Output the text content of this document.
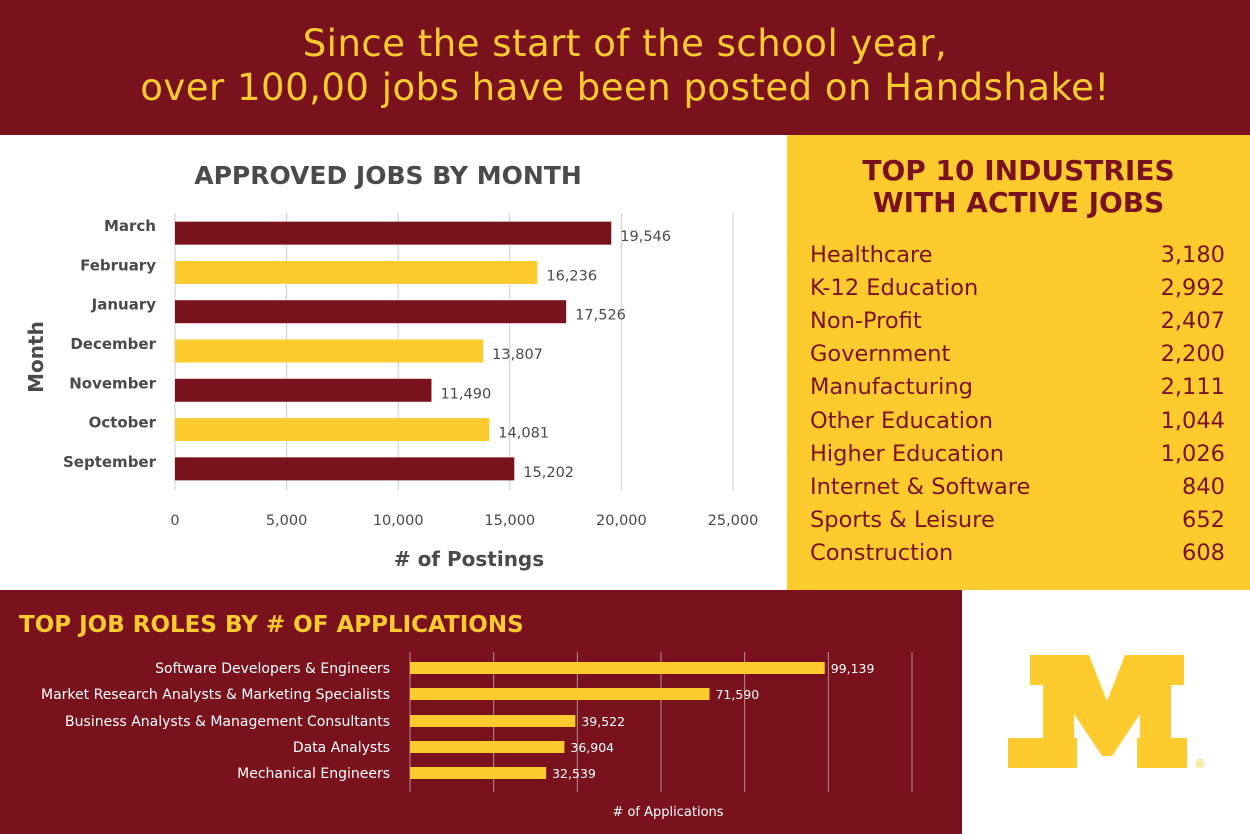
Since the start of the school year,
over 100,00 jobs have been posted on Handshake!
APPROVED JOBS BY MONTH
0	5,000	10,000	15,000	20,000	25,000
March
19,546
February
16,236
January
17,526
December
13,807
November
11,490
October
14,081
September
15,202
# of Postings
Month
TOP 10 INDUSTRIES
WITH ACTIVE JOBS
Healthcare	3,180
K-12 Education	2,992
Non-Profit	2,407
Government	2,200
Manufacturing	2,111
Other Education	1,044
Higher Education	1,026
Internet & Software	840
Sports & Leisure	652
Construction	608
TOP JOB ROLES BY # OF APPLICATIONS
Software Developers & Engineers	99,139
Market Research Analysts & Marketing Specialists	71,590
Business Analysts & Management Consultants	39,522
Data Analysts	36,904
Mechanical Engineers	32,539
# of Applications
®
